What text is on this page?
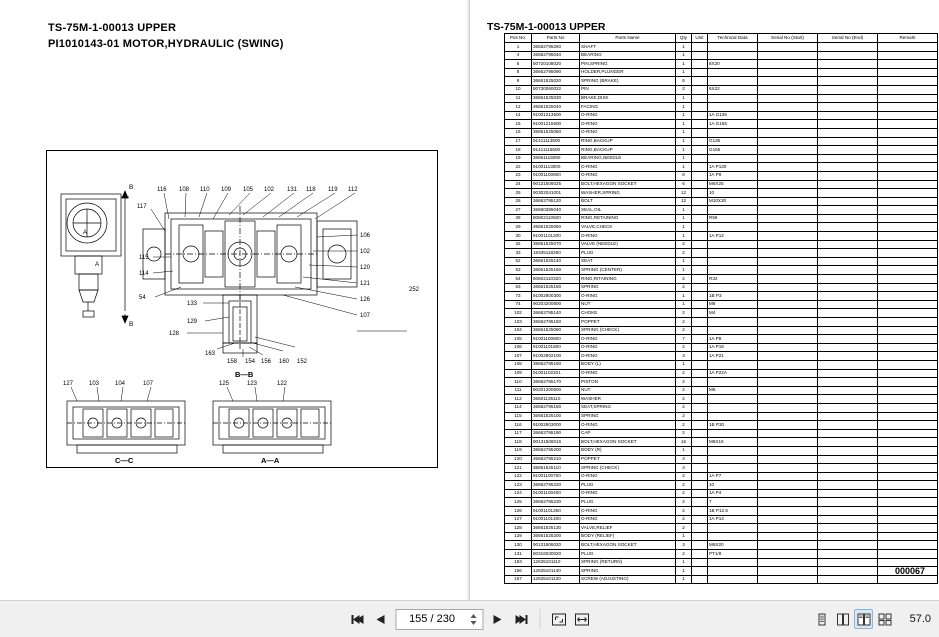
TS-75M-1-00013 UPPER
PI1010143-01 MOTOR,HYDRAULIC (SWING)
A
A
B
B
116 108 110 109 105 102 131 118 119 112
117
115
114
54
106
102
120
121
126
107
252
133
129
128
163
158 154 156 160 152
B—B
127	103	104	107
C—C
125	123	122
A—A
TS-75M-1-00013 UPPER
Pos No.	Parts No	Parts Name	Qty	Unit	Technical Data	Serial No (Start)	Serial No (End)	Remark
1	36662795260	SHAFT	1					
4	36662795040	BEARING	1					
5	80720108020	PIN,SPRING	1		8X20			
8	36662795090	HOLDER,PLUNGER	1					
9	36661525020	SPRING (BRAKE)	6					
10	80730060022	PIN	2		6X22			
11	36661525030	BRAKE,DISK	1					
12	36661525040	FACING	1					
14	91001213500	O-RING	1		1A G135			
15	91001215500	O-RING	1		1A G155			
16	36661525050	O-RING	1					
17	91411113500	RING,BACKUP	1		G135			
18	91411115500	RING,BACKUP	1		G155			
19	36661115090	BEARING,NEEDLE	1					
22	91001113000	O-RING	1		1A P130			
23	91001100900	O-RING	6		1A P9			
24	90131506025	BOLT,HEXAGON SOCKET	6		M6X25			
25	90302041001	WASHER,SPRING	12		10			
26	36662795120	BOLT	12		M10X30			
27	36660395040	SEAL,OIL	1					
28	80602110500	RING,RETAINING	1		R56			
29	36661525060	VALVE,CHECK	1					
30	91001101200	O-RING	1		1A P12			
32	36661525070	VALVE (NEEDLE)	2					
33	18335118260	PLUG	2					
52	36661525140	SEAT	1					
53	36661525150	SPRING (CENTER)	1					
54	80602110320	RING,RITAINING	2		R32			
63	36661525180	SPRING	2					
73	91002800300	O-RING	1		1B P3			
74	90203200800	NUT	1		M8			
102	36662795140	CHOKE	2		M4			
103	36662795150	POPPET	2					
104	36661525090	SPRING (CHECK)	2					
105	91001100800	O-RING	7		1A P8			
106	91001101800	O-RING	2		1A P18			
107	91002802100	O-RING	3		1A P21			
108	36662795160	BODY (L)	1					
109	91001102201	O-RING	2		1A P22A			
110	36662795170	PISTON	2					
111	90201200600	NUT	2		M6			
112	36601135110	WASHER	2					
114	36662795180	SEAT,SPRING	2					
115	36661525100	SPRING	2					
116	91002803000	O-RING	2		1B P30			
117	36662795190	CAP	2					
118	90131506016	BOLT,HEXAGON SOCKET	16		M6X16			
119	36662795200	BODY (R)	1					
120	36662795210	POPPET	4					
121	36661525110	SPRING (CHECK)	4					
122	91001100700	O-RING	2		1A P7			
123	36662795220	PLUG	2		10			
124	91001100400	O-RING	2		1A P4			
125	36662795230	PLUG	2		7			
126	91001101250	O-RING	2		1B P12.5			
127	91001101400	O-RING	2		1A P14			
128	36661525130	VALVE,RELIEF	2					
129	36661525200	BODY (RELIEF)	1					
130	90131506020	BOLT,HEXAGON SOCKET	3		M6X20			
131	80316030020	PLUG	2		PT1/8			
153	12635101110	SPRING (RETURN)	1					
156	12635101140	SPRING	1					
157	12635101130	SCREW (ADJUSTING)	1					
000067
155 / 230
57.0
